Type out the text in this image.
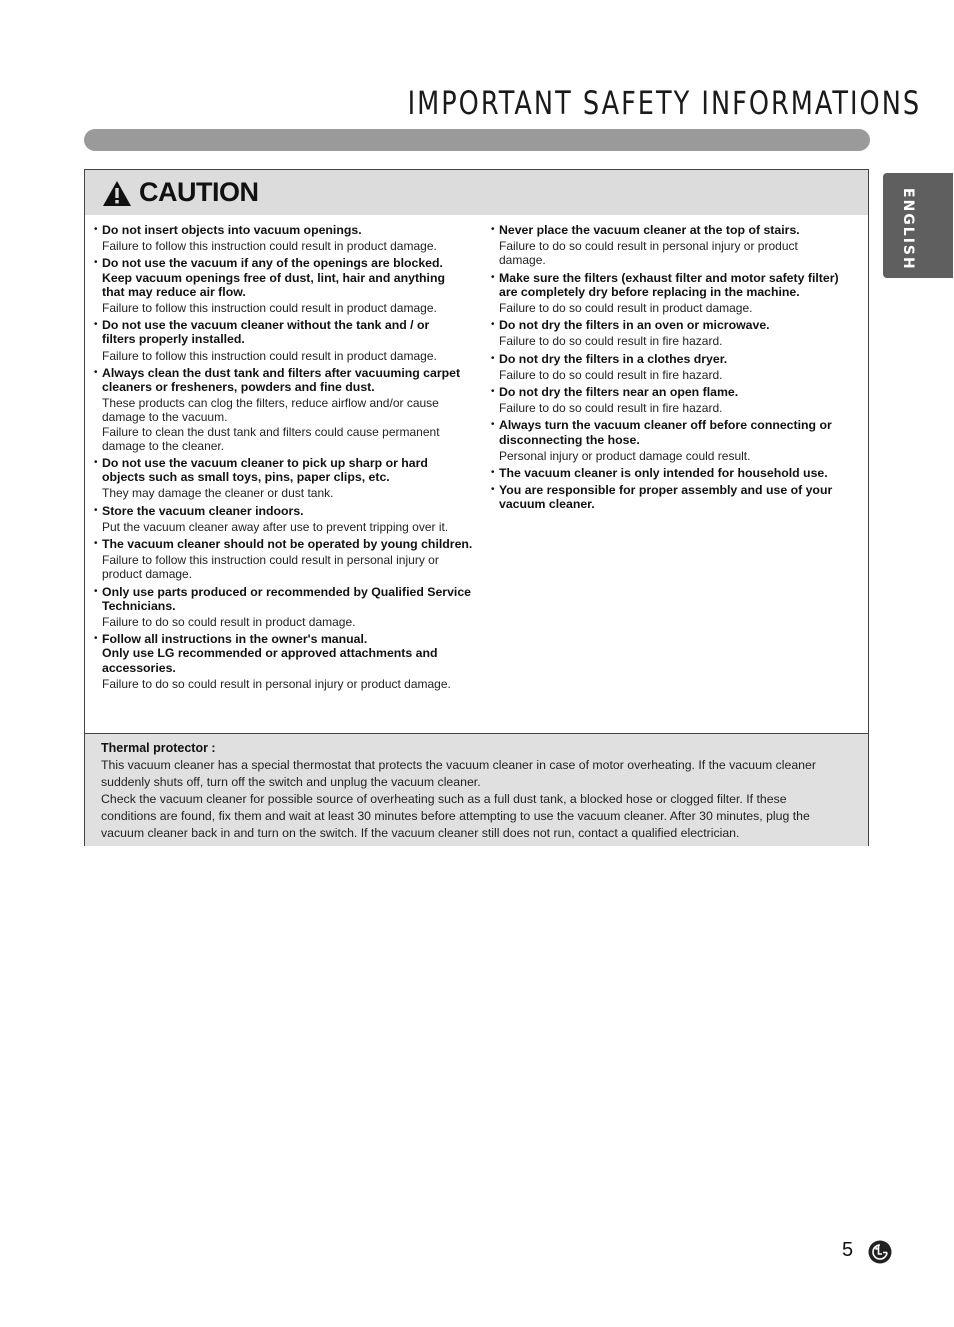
IMPORTANT SAFETY INFORMATIONS
ENGLISH
CAUTION
• Do not insert objects into vacuum openings.
Failure to follow this instruction could result in product damage.
• Do not use the vacuum if any of the openings are blocked.
Keep vacuum openings free of dust, lint, hair and anything
that may reduce air flow.
Failure to follow this instruction could result in product damage.
• Do not use the vacuum cleaner without the tank and / or
filters properly installed.
Failure to follow this instruction could result in product damage.
• Always clean the dust tank and filters after vacuuming carpet
cleaners or fresheners, powders and fine dust.
These products can clog the filters, reduce airflow and/or cause
damage to the vacuum.
Failure to clean the dust tank and filters could cause permanent
damage to the cleaner.
• Do not use the vacuum cleaner to pick up sharp or hard
objects such as small toys, pins, paper clips, etc.
They may damage the cleaner or dust tank.
• Store the vacuum cleaner indoors.
Put the vacuum cleaner away after use to prevent tripping over it.
• The vacuum cleaner should not be operated by young children.
Failure to follow this instruction could result in personal injury or
product damage.
• Only use parts produced or recommended by Qualified Service
Technicians.
Failure to do so could result in product damage.
• Follow all instructions in the owner's manual.
Only use LG recommended or approved attachments and
accessories.
Failure to do so could result in personal injury or product damage.
• Never place the vacuum cleaner at the top of stairs.
Failure to do so could result in personal injury or product
damage.
• Make sure the filters (exhaust filter and motor safety filter)
are completely dry before replacing in the machine.
Failure to do so could result in product damage.
• Do not dry the filters in an oven or microwave.
Failure to do so could result in fire hazard.
• Do not dry the filters in a clothes dryer.
Failure to do so could result in fire hazard.
• Do not dry the filters near an open flame.
Failure to do so could result in fire hazard.
• Always turn the vacuum cleaner off before connecting or
disconnecting the hose.
Personal injury or product damage could result.
• The vacuum cleaner is only intended for household use.
• You are responsible for proper assembly and use of your
vacuum cleaner.
Thermal protector :

This vacuum cleaner has a special thermostat that protects the vacuum cleaner in case of motor overheating. If the vacuum cleaner suddenly shuts off, turn off the switch and unplug the vacuum cleaner.

Check the vacuum cleaner for possible source of overheating such as a full dust tank, a blocked hose or clogged filter. If these conditions are found, fix them and wait at least 30 minutes before attempting to use the vacuum cleaner. After 30 minutes, plug the vacuum cleaner back in and turn on the switch. If the vacuum cleaner still does not run, contact a qualified electrician.

5
